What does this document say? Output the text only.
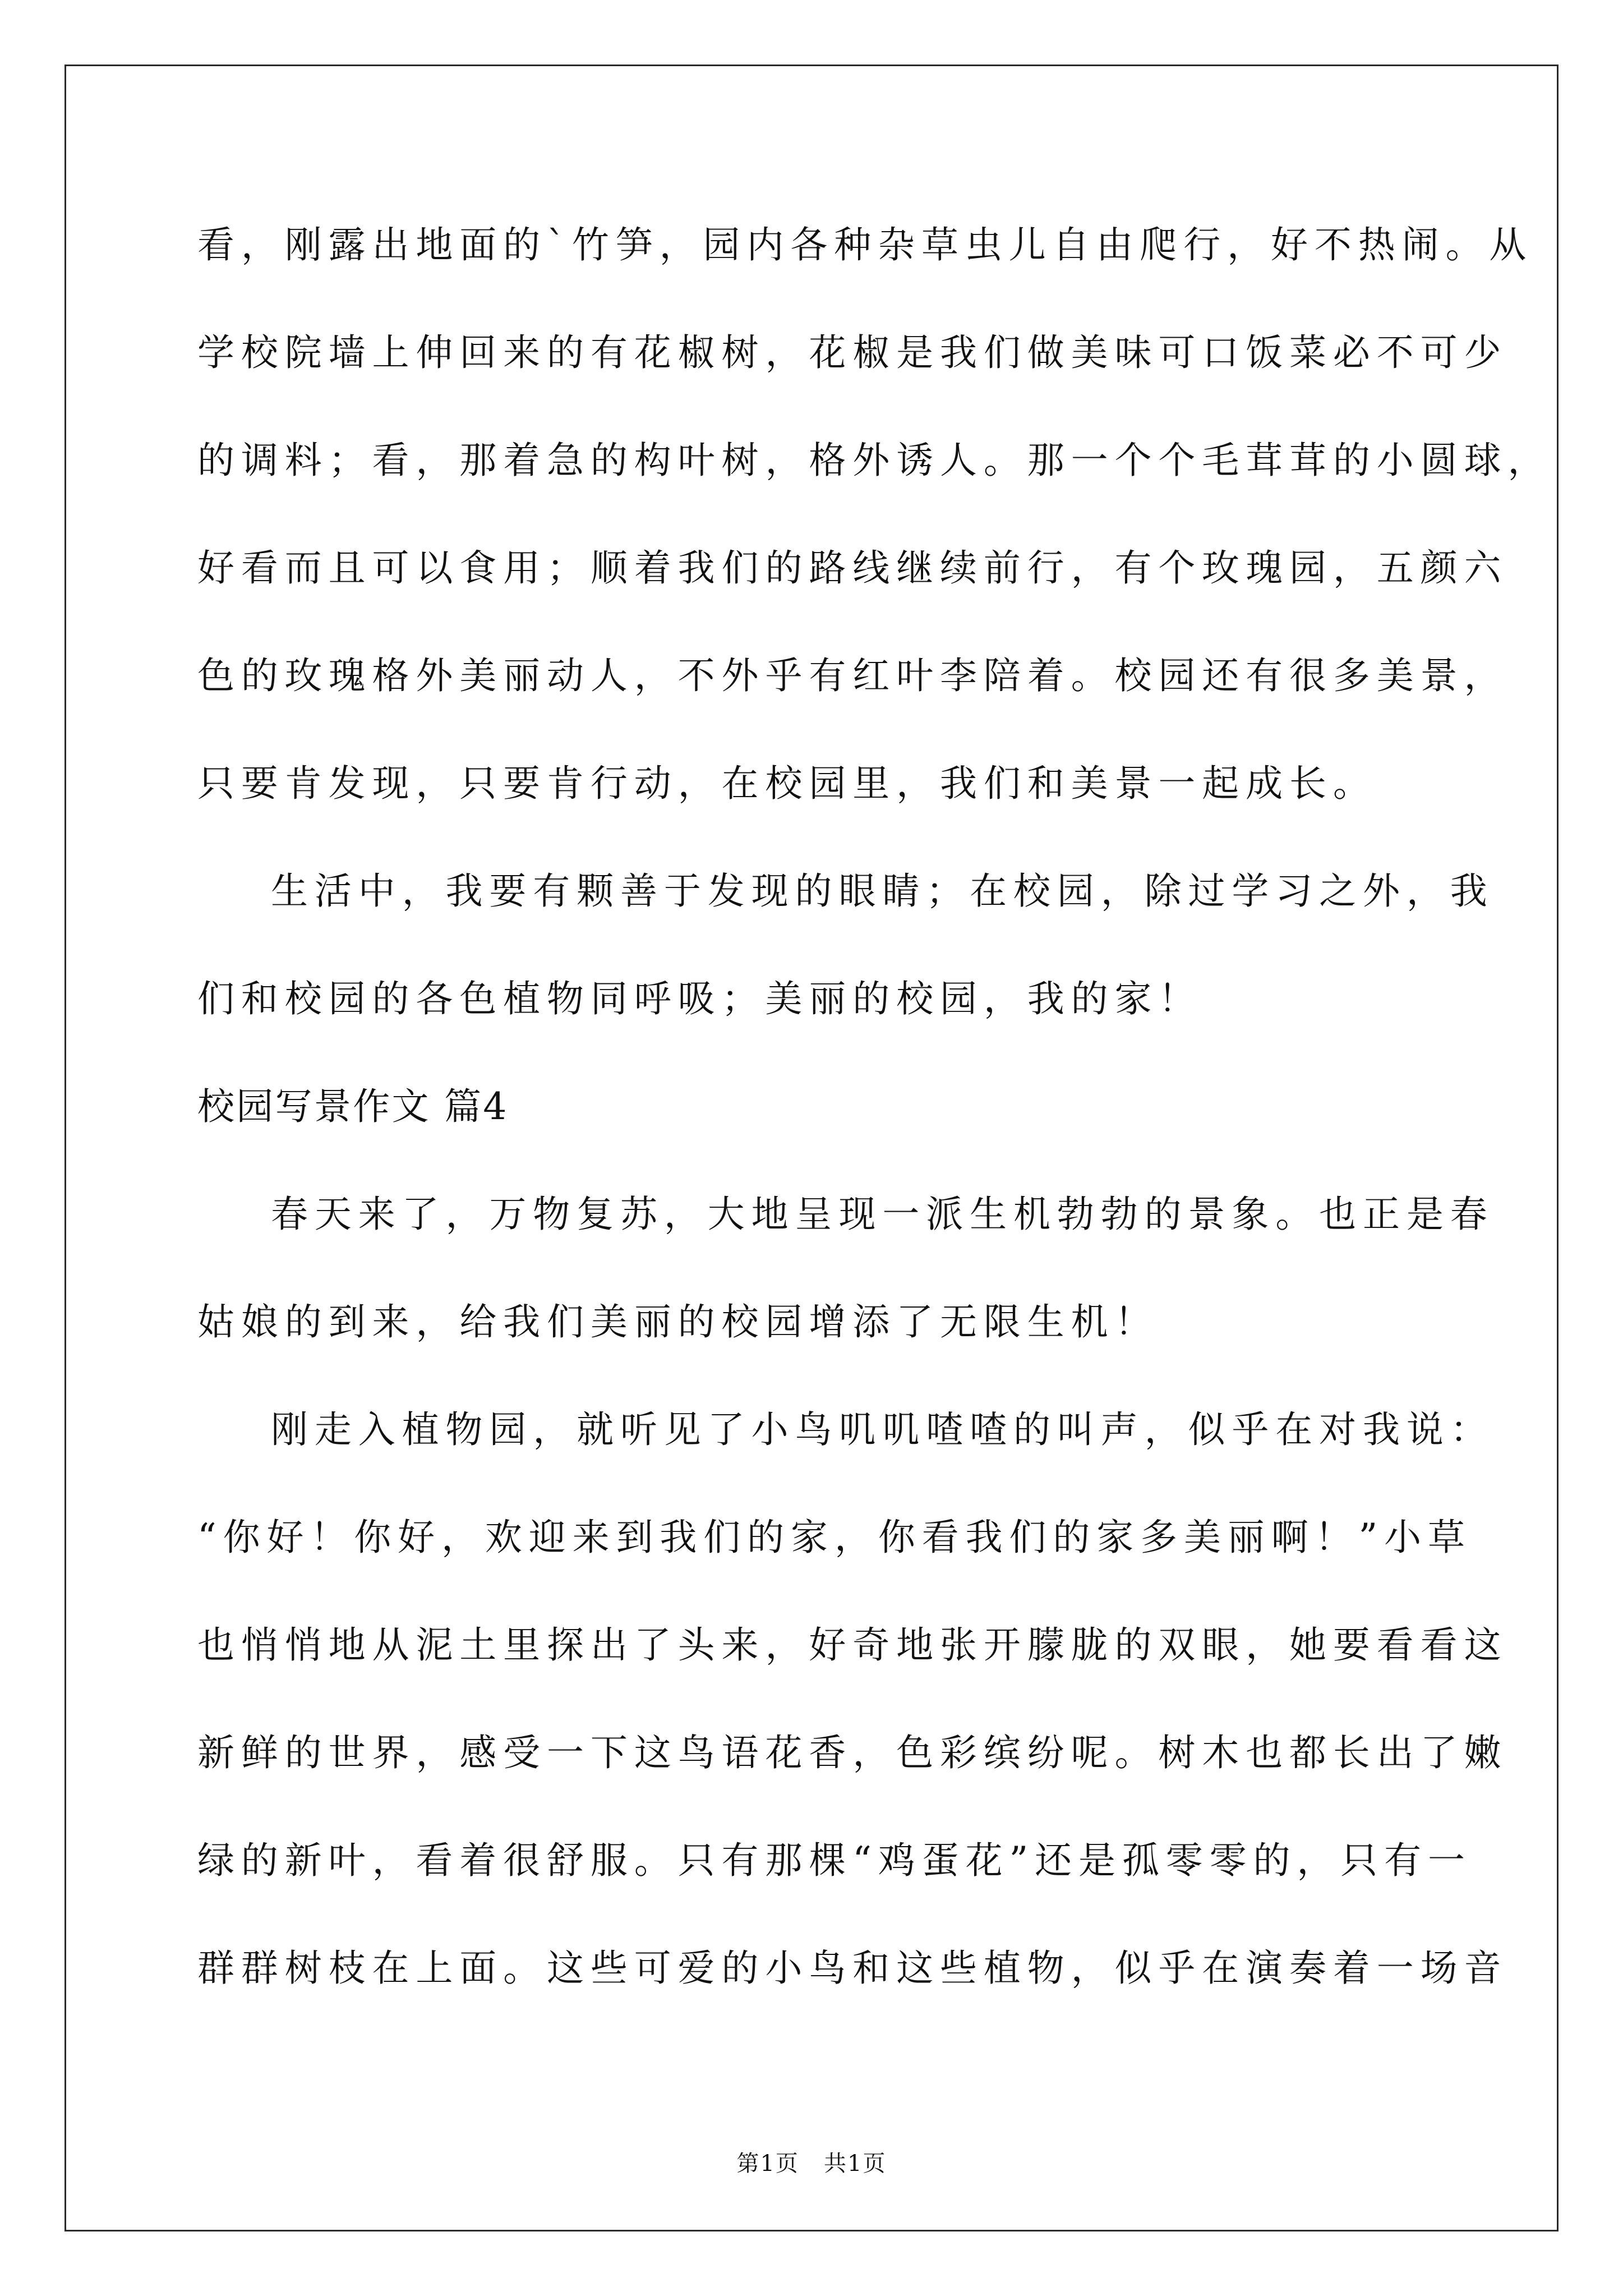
看，刚露出地面的`竹笋，园内各种杂草虫儿自由爬行，好不热闹。从
学校院墙上伸回来的有花椒树，花椒是我们做美味可口饭菜必不可少
的调料；看，那着急的构叶树，格外诱人。那一个个毛茸茸的小圆球，
好看而且可以食用；顺着我们的路线继续前行，有个玫瑰园，五颜六
色的玫瑰格外美丽动人，不外乎有红叶李陪着。校园还有很多美景，
只要肯发现，只要肯行动，在校园里，我们和美景一起成长。
生活中，我要有颗善于发现的眼睛；在校园，除过学习之外，我
们和校园的各色植物同呼吸；美丽的校园，我的家！
校园写景作文 篇4
春天来了，万物复苏，大地呈现一派生机勃勃的景象。也正是春
姑娘的到来，给我们美丽的校园增添了无限生机！
刚走入植物园，就听见了小鸟叽叽喳喳的叫声，似乎在对我说：
“你好！你好，欢迎来到我们的家，你看我们的家多美丽啊！”小草
也悄悄地从泥土里探出了头来，好奇地张开朦胧的双眼，她要看看这
新鲜的世界，感受一下这鸟语花香，色彩缤纷呢。树木也都长出了嫩
绿的新叶，看着很舒服。只有那棵“鸡蛋花”还是孤零零的，只有一
群群树枝在上面。这些可爱的小鸟和这些植物，似乎在演奏着一场音
第1页   共1页
